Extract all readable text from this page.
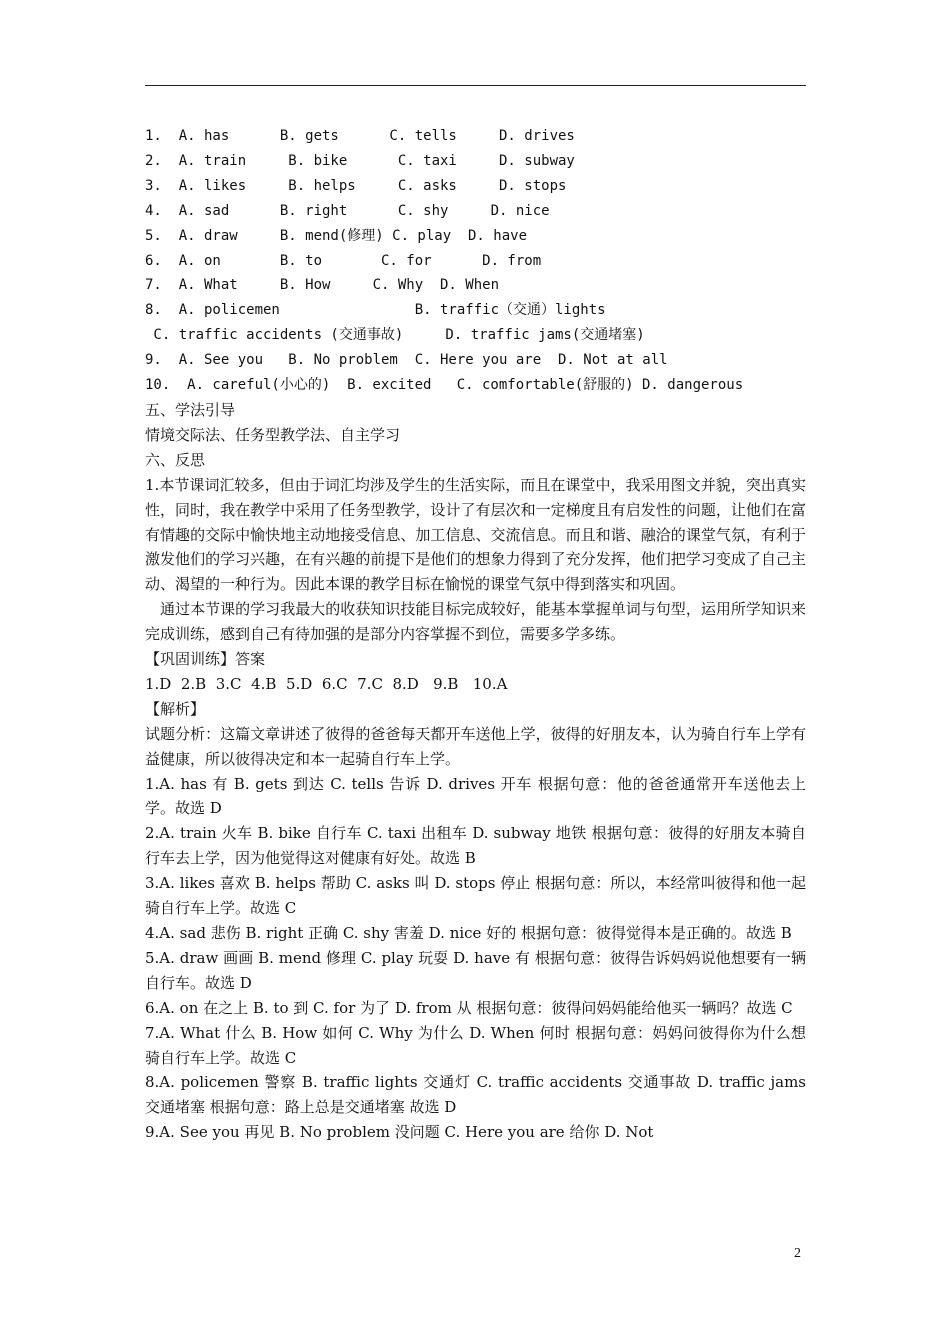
1.  A. has      B. gets      C. tells     D. drives
2.  A. train     B. bike      C. taxi     D. subway
3.  A. likes     B. helps     C. asks     D. stops
4.  A. sad      B. right      C. shy     D. nice
5.  A. draw     B. mend(修理) C. play  D. have
6.  A. on       B. to       C. for      D. from
7.  A. What     B. How     C. Why  D. When
8.  A. policemen                B. traffic（交通）lights
C. traffic accidents (交通事故)     D. traffic jams(交通堵塞)
9.  A. See you   B. No problem  C. Here you are  D. Not at all
10.  A. careful(小心的)  B. excited   C. comfortable(舒服的) D. dangerous
五、学法引导
情境交际法、任务型教学法、自主学习
六、反思

1.本节课词汇较多，但由于词汇均涉及学生的生活实际，而且在课堂中，我采用图文并貌，突出真实性，同时，我在教学中采用了任务型教学，设计了有层次和一定梯度且有启发性的问题，让他们在富有情趣的交际中愉快地主动地接受信息、加工信息、交流信息。而且和谐、融洽的课堂气氛，有利于激发他们的学习兴趣，在有兴趣的前提下是他们的想象力得到了充分发挥，他们把学习变成了自己主动、渴望的一种行为。因此本课的教学目标在愉悦的课堂气氛中得到落实和巩固。

　通过本节课的学习我最大的收获知识技能目标完成较好，能基本掌握单词与句型，运用所学知识来完成训练，感到自己有待加强的是部分内容掌握不到位，需要多学多练。

【巩固训练】答案
1.D  2.B  3.C  4.B  5.D  6.C  7.C  8.D   9.B   10.A
【解析】

试题分析：这篇文章讲述了彼得的爸爸每天都开车送他上学，彼得的好朋友本，认为骑自行车上学有益健康，所以彼得决定和本一起骑自行车上学。

1.A. has 有 B. gets 到达 C. tells 告诉 D. drives 开车 根据句意：他的爸爸通常开车送他去上学。故选 D

2.A. train 火车 B. bike 自行车 C. taxi 出租车 D. subway 地铁 根据句意：彼得的好朋友本骑自行车去上学，因为他觉得这对健康有好处。故选 B

3.A. likes 喜欢 B. helps 帮助 C. asks 叫 D. stops 停止 根据句意：所以，本经常叫彼得和他一起骑自行车上学。故选 C

4.A. sad 悲伤 B. right 正确 C. shy 害羞 D. nice 好的 根据句意：彼得觉得本是正确的。故选 B

5.A. draw 画画 B. mend 修理 C. play 玩耍 D. have 有 根据句意：彼得告诉妈妈说他想要有一辆自行车。故选 D

6.A. on 在之上 B. to 到 C. for 为了 D. from 从 根据句意：彼得问妈妈能给他买一辆吗？故选 C

7.A. What 什么 B. How 如何 C. Why 为什么 D. When 何时 根据句意：妈妈问彼得你为什么想骑自行车上学。故选 C

8.A. policemen 警察 B. traffic lights 交通灯 C. traffic accidents 交通事故 D. traffic jams 交通堵塞 根据句意：路上总是交通堵塞 故选 D

9.A. See you 再见 B. No problem 没问题 C. Here you are 给你 D. Not

2
